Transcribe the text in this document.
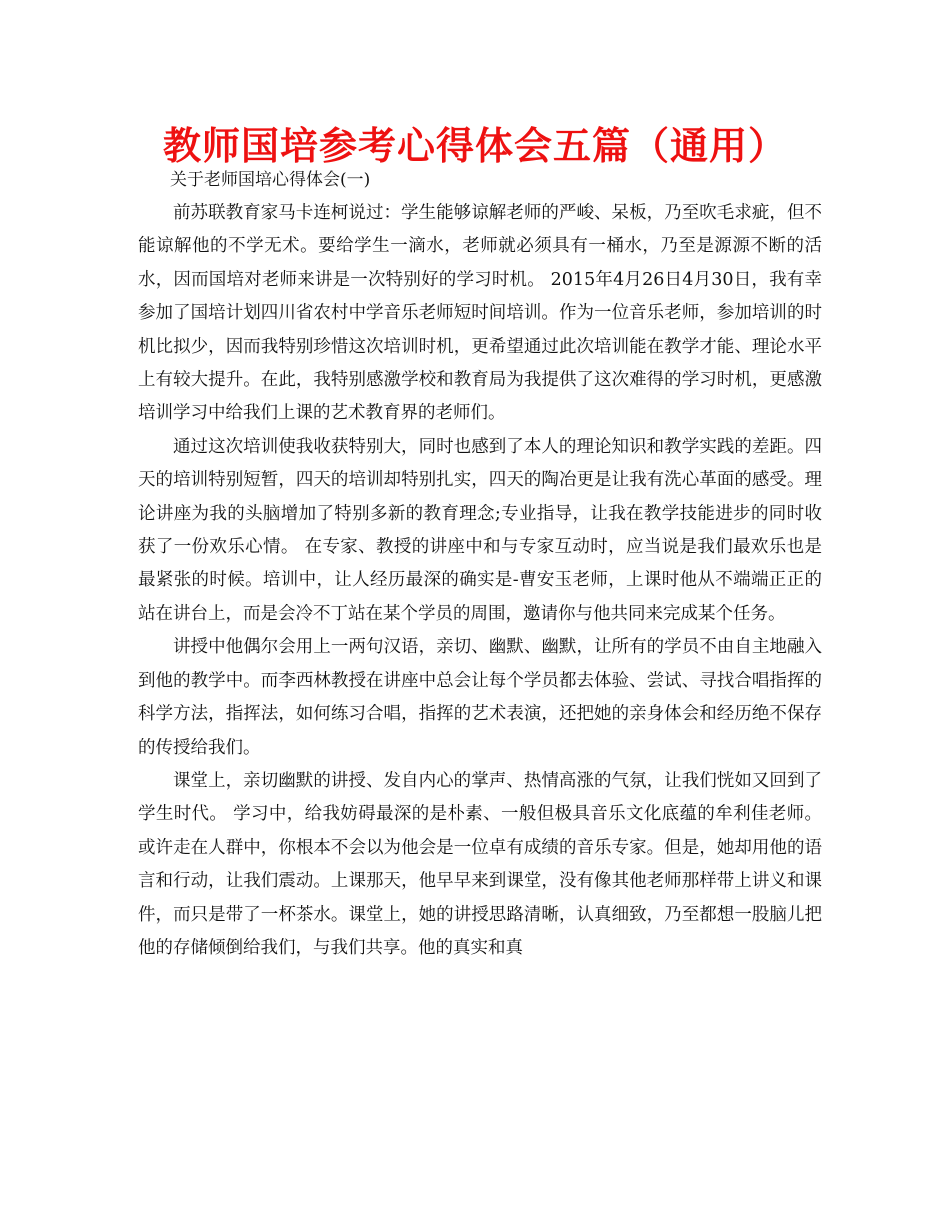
教师国培参考心得体会五篇（通用）

关于老师国培心得体会(一)

前苏联教育家马卡连柯说过：学生能够谅解老师的严峻、呆板，乃至吹毛求疵，但不能谅解他的不学无术。要给学生一滴水，老师就必须具有一桶水，乃至是源源不断的活水，因而国培对老师来讲是一次特别好的学习时机。 2015年4月26日4月30日，我有幸参加了国培计划四川省农村中学音乐老师短时间培训。作为一位音乐老师，参加培训的时机比拟少，因而我特别珍惜这次培训时机，更希望通过此次培训能在教学才能、理论水平上有较大提升。在此，我特别感激学校和教育局为我提供了这次难得的学习时机，更感激培训学习中给我们上课的艺术教育界的老师们。

通过这次培训使我收获特别大，同时也感到了本人的理论知识和教学实践的差距。四天的培训特别短暂，四天的培训却特别扎实，四天的陶冶更是让我有洗心革面的感受。理论讲座为我的头脑增加了特别多新的教育理念;专业指导，让我在教学技能进步的同时收获了一份欢乐心情。 在专家、教授的讲座中和与专家互动时，应当说是我们最欢乐也是最紧张的时候。培训中，让人经历最深的确实是-曹安玉老师，上课时他从不端端正正的站在讲台上，而是会冷不丁站在某个学员的周围，邀请你与他共同来完成某个任务。

讲授中他偶尔会用上一两句汉语，亲切、幽默、幽默，让所有的学员不由自主地融入到他的教学中。而李西林教授在讲座中总会让每个学员都去体验、尝试、寻找合唱指挥的科学方法，指挥法，如何练习合唱，指挥的艺术表演，还把她的亲身体会和经历绝不保存的传授给我们。

课堂上，亲切幽默的讲授、发自内心的掌声、热情高涨的气氛，让我们恍如又回到了学生时代。 学习中，给我妨碍最深的是朴素、一般但极具音乐文化底蕴的牟利佳老师。或许走在人群中，你根本不会以为他会是一位卓有成绩的音乐专家。但是，她却用他的语言和行动，让我们震动。上课那天，他早早来到课堂，没有像其他老师那样带上讲义和课件，而只是带了一杯茶水。课堂上，她的讲授思路清晰，认真细致，乃至都想一股脑儿把他的存储倾倒给我们，与我们共享。他的真实和真
